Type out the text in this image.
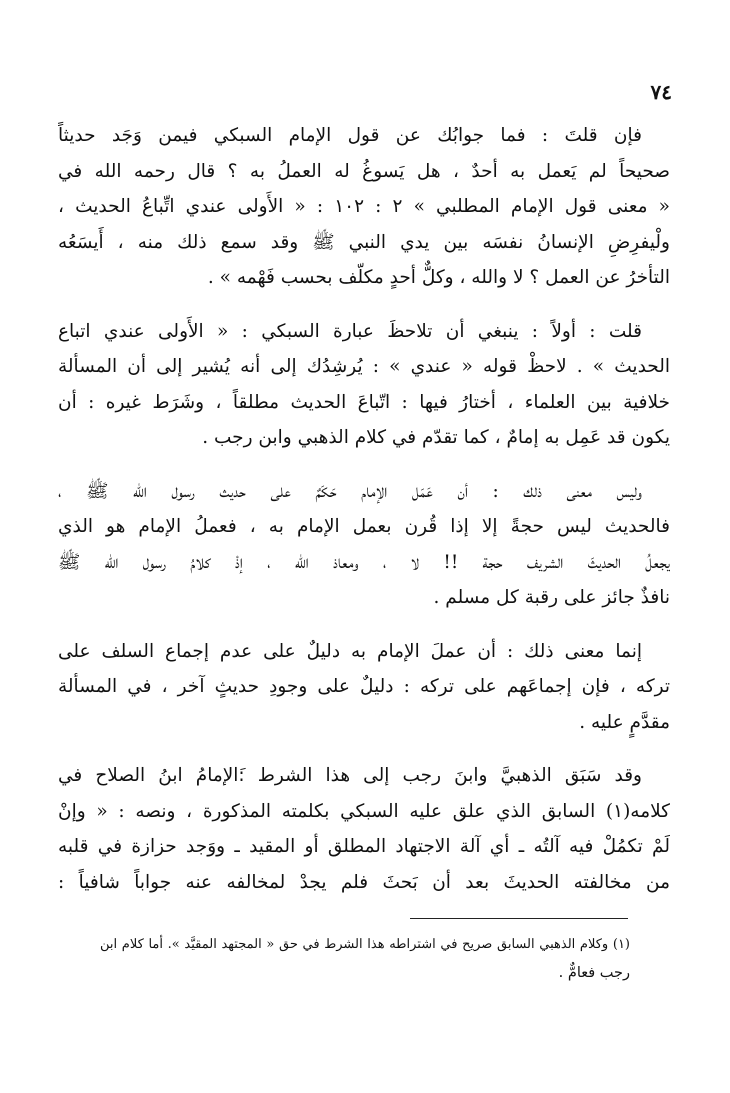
٧٤

فإن قلتَ : فما جوابُك عن قول الإمام السبكي فيمن وَجَد حديثاً
صحيحاً لم يَعمل به أحدٌ ، هل يَسوغُ له العملُ به ؟ قال رحمه الله في
« معنى قول الإمام المطلبي » ٢ : ١٠٢ : « الأَولى عندي اتِّباعُ الحديث ،
ولْيفرِضِ الإنسانُ نفسَه بين يدي النبي ﷺ وقد سمع ذلك منه ، أَيسَعُه
التأخرُ عن العمل ؟ لا والله ، وكلٌّ أحدٍ مكلّف بحسب فَهْمه » .

قلت : أولاً : ينبغي أن تلاحظَ عبارة السبكي : « الأَولى عندي اتباع
الحديث » . لاحظْ قوله « عندي » : يُرشِدُك إلى أنه يُشير إلى أن المسألة
خلافية بين العلماء ، أختارُ فيها : اتّباعَ الحديث مطلقاً ، وشَرَط غيره : أن
يكون قد عَمِل به إمامٌ ، كما تقدّم في كلام الذهبي وابن رجب .

وليس معنى ذلك : أن عَمَل الإمام حَكَمٌ على حديث رسول الله ﷺ ،
فالحديث ليس حجةً إلا إذا قُرن بعمل الإمام به ، فعملُ الإمام هو الذي
يجعلُ الحديثَ الشريف حجة !! لا ، ومعاذ الله ، إذْ كلامُ رسول الله ﷺ
نافذٌ جائز على رقبة كل مسلم .

إنما معنى ذلك : أن عملَ الإمام به دليلٌ على عدم إجماع السلف على
تركه ، فإن إجماعَهم على تركه : دليلٌ على وجودِ حديثٍ آخر ، في المسألة
مقدَّمٍ عليه .

وقد سَبَق الذهبيَّ وابنَ رجب إلى هذا الشرط :َالإمامُ ابنُ الصلاح في
كلامه(١) السابق الذي علق عليه السبكي بكلمته المذكورة ، ونصه : « وإنْ
لَمْ تكمُلْ فيه آلتُه ـ أي آلة الاجتهاد المطلق أو المقيد ـ ووَجد حزازة في قلبه
من مخالفته الحديثَ بعد أن بَحثَ فلم يجدْ لمخالفه عنه جواباً شافياً :

(١) وكلام الذهبي السابق صريح في اشتراطه هذا الشرط في حق « المجتهد المقيَّد ». أما كلام ابن
رجب فعامٌّ .
